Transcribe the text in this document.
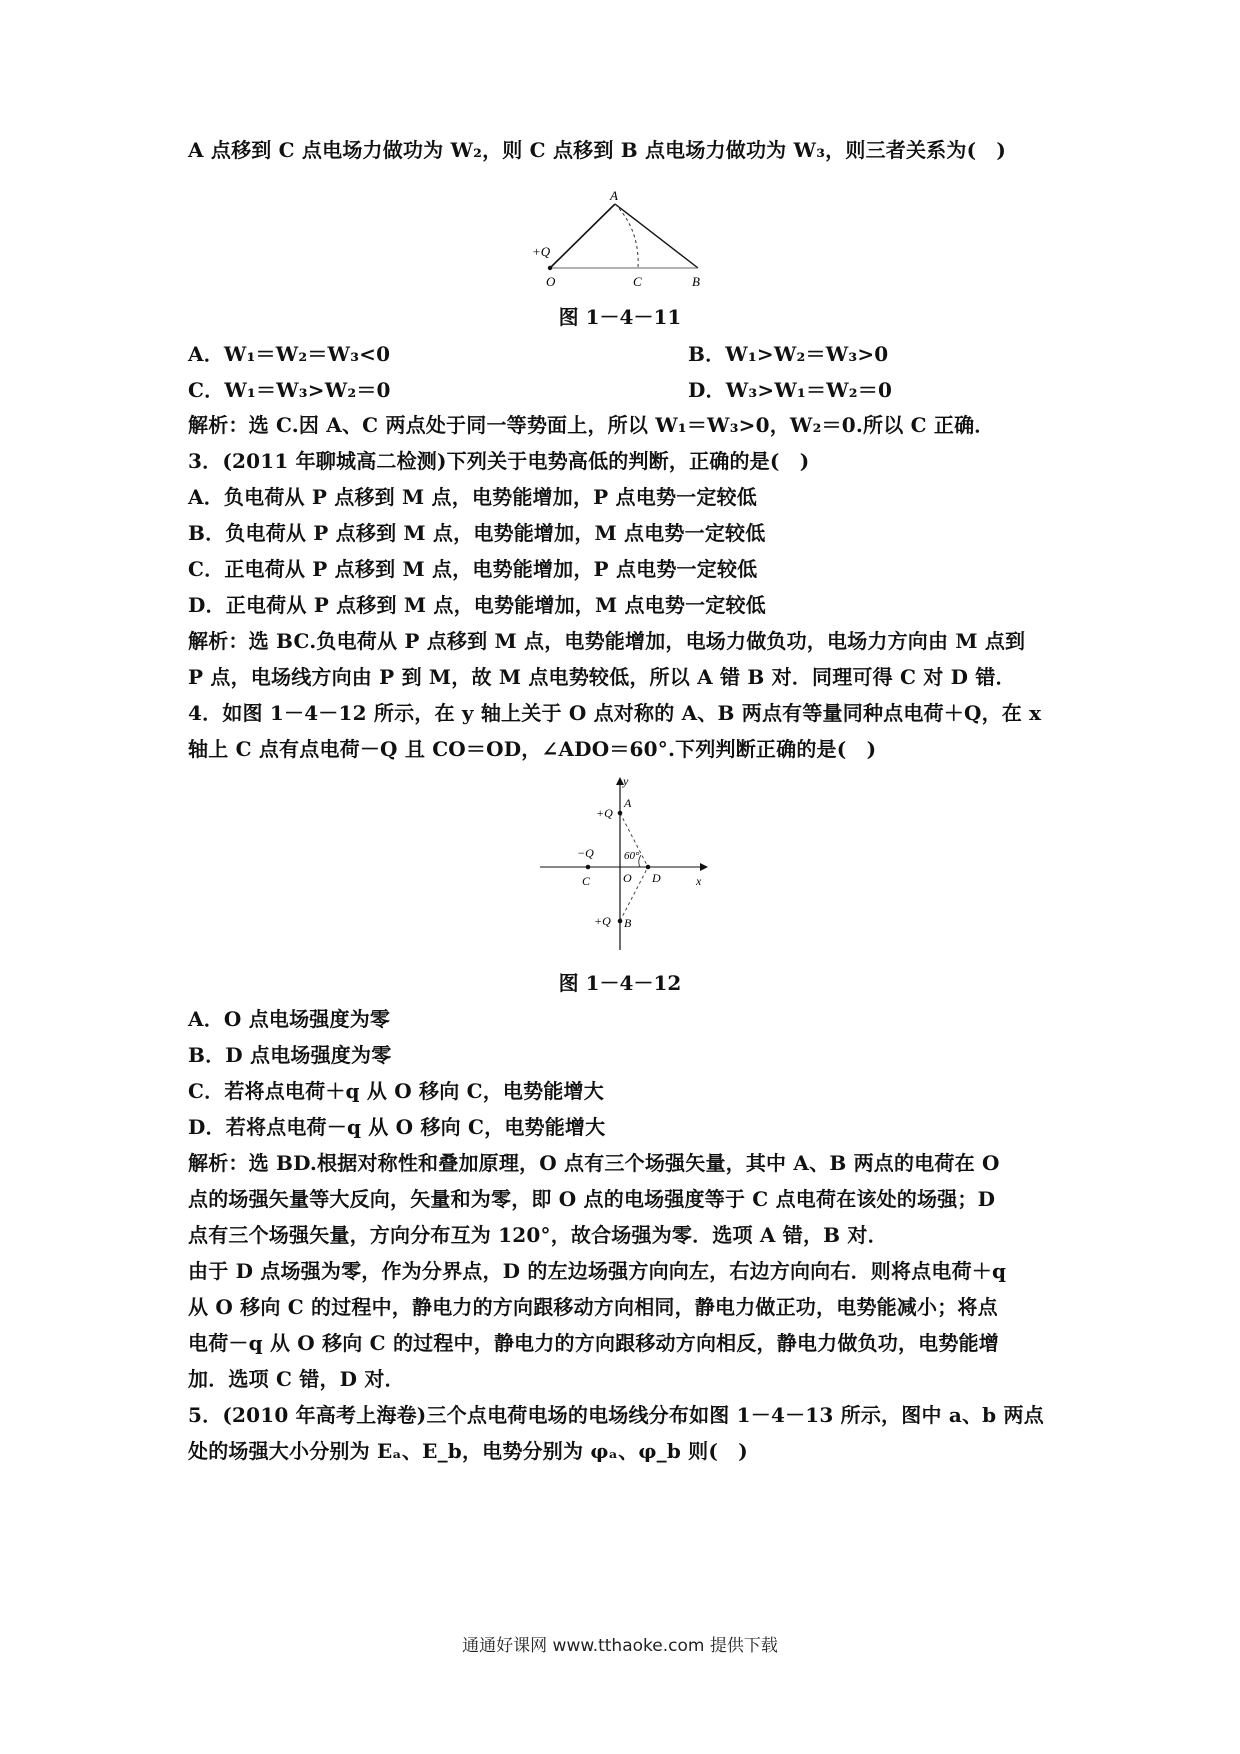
A 点移到 C 点电场力做功为 W₂，则 C 点移到 B 点电场力做功为 W₃，则三者关系为(　)
A
+Q
O	C	B
图 1－4－11
A．W₁＝W₂＝W₃<0	B．W₁>W₂＝W₃>0
C．W₁＝W₃>W₂＝0	D．W₃>W₁＝W₂＝0
解析：选 C.因 A、C 两点处于同一等势面上，所以 W₁＝W₃>0，W₂＝0.所以 C 正确．
3．(2011 年聊城高二检测)下列关于电势高低的判断，正确的是(　)
A．负电荷从 P 点移到 M 点，电势能增加，P 点电势一定较低
B．负电荷从 P 点移到 M 点，电势能增加，M 点电势一定较低
C．正电荷从 P 点移到 M 点，电势能增加，P 点电势一定较低
D．正电荷从 P 点移到 M 点，电势能增加，M 点电势一定较低
解析：选 BC.负电荷从 P 点移到 M 点，电势能增加，电场力做负功，电场力方向由 M 点到
P 点，电场线方向由 P 到 M，故 M 点电势较低，所以 A 错 B 对．同理可得 C 对 D 错．
4．如图 1－4－12 所示，在 y 轴上关于 O 点对称的 A、B 两点有等量同种点电荷＋Q，在 x
轴上 C 点有点电荷－Q 且 CO＝OD，∠ADO＝60°.下列判断正确的是(　)
y
A
+Q
−Q	60°
C	O D	x
+Q B
图 1－4－12
A．O 点电场强度为零
B．D 点电场强度为零
C．若将点电荷＋q 从 O 移向 C，电势能增大
D．若将点电荷－q 从 O 移向 C，电势能增大
解析：选 BD.根据对称性和叠加原理，O 点有三个场强矢量，其中 A、B 两点的电荷在 O
点的场强矢量等大反向，矢量和为零，即 O 点的电场强度等于 C 点电荷在该处的场强；D
点有三个场强矢量，方向分布互为 120°，故合场强为零．选项 A 错，B 对．
由于 D 点场强为零，作为分界点，D 的左边场强方向向左，右边方向向右．则将点电荷＋q
从 O 移向 C 的过程中，静电力的方向跟移动方向相同，静电力做正功，电势能减小；将点
电荷－q 从 O 移向 C 的过程中，静电力的方向跟移动方向相反，静电力做负功，电势能增
加．选项 C 错，D 对．
5．(2010 年高考上海卷)三个点电荷电场的电场线分布如图 1－4－13 所示，图中 a、b 两点
处的场强大小分别为 Eₐ、E_b，电势分别为 φₐ、φ_b 则(　)
通通好课网 www.tthaoke.com 提供下载
